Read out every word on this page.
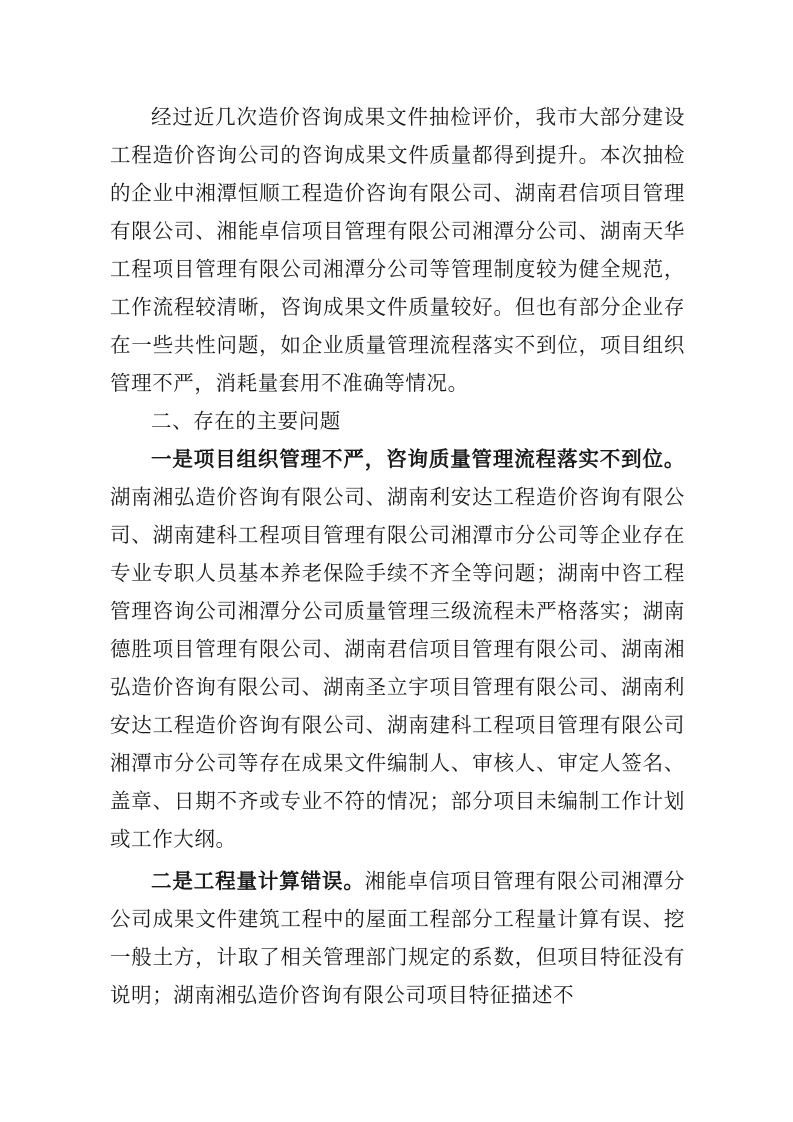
经过近几次造价咨询成果文件抽检评价，我市大部分建设工程造价咨询公司的咨询成果文件质量都得到提升。本次抽检的企业中湘潭恒顺工程造价咨询有限公司、湖南君信项目管理有限公司、湘能卓信项目管理有限公司湘潭分公司、湖南天华工程项目管理有限公司湘潭分公司等管理制度较为健全规范，工作流程较清晰，咨询成果文件质量较好。但也有部分企业存在一些共性问题，如企业质量管理流程落实不到位，项目组织管理不严，消耗量套用不准确等情况。

二、存在的主要问题

一是项目组织管理不严，咨询质量管理流程落实不到位。湖南湘弘造价咨询有限公司、湖南利安达工程造价咨询有限公司、湖南建科工程项目管理有限公司湘潭市分公司等企业存在专业专职人员基本养老保险手续不齐全等问题；湖南中咨工程管理咨询公司湘潭分公司质量管理三级流程未严格落实；湖南德胜项目管理有限公司、湖南君信项目管理有限公司、湖南湘弘造价咨询有限公司、湖南圣立宇项目管理有限公司、湖南利安达工程造价咨询有限公司、湖南建科工程项目管理有限公司湘潭市分公司等存在成果文件编制人、审核人、审定人签名、盖章、日期不齐或专业不符的情况；部分项目未编制工作计划或工作大纲。

二是工程量计算错误。湘能卓信项目管理有限公司湘潭分公司成果文件建筑工程中的屋面工程部分工程量计算有误、挖一般土方，计取了相关管理部门规定的系数，但项目特征没有说明；湖南湘弘造价咨询有限公司项目特征描述不
